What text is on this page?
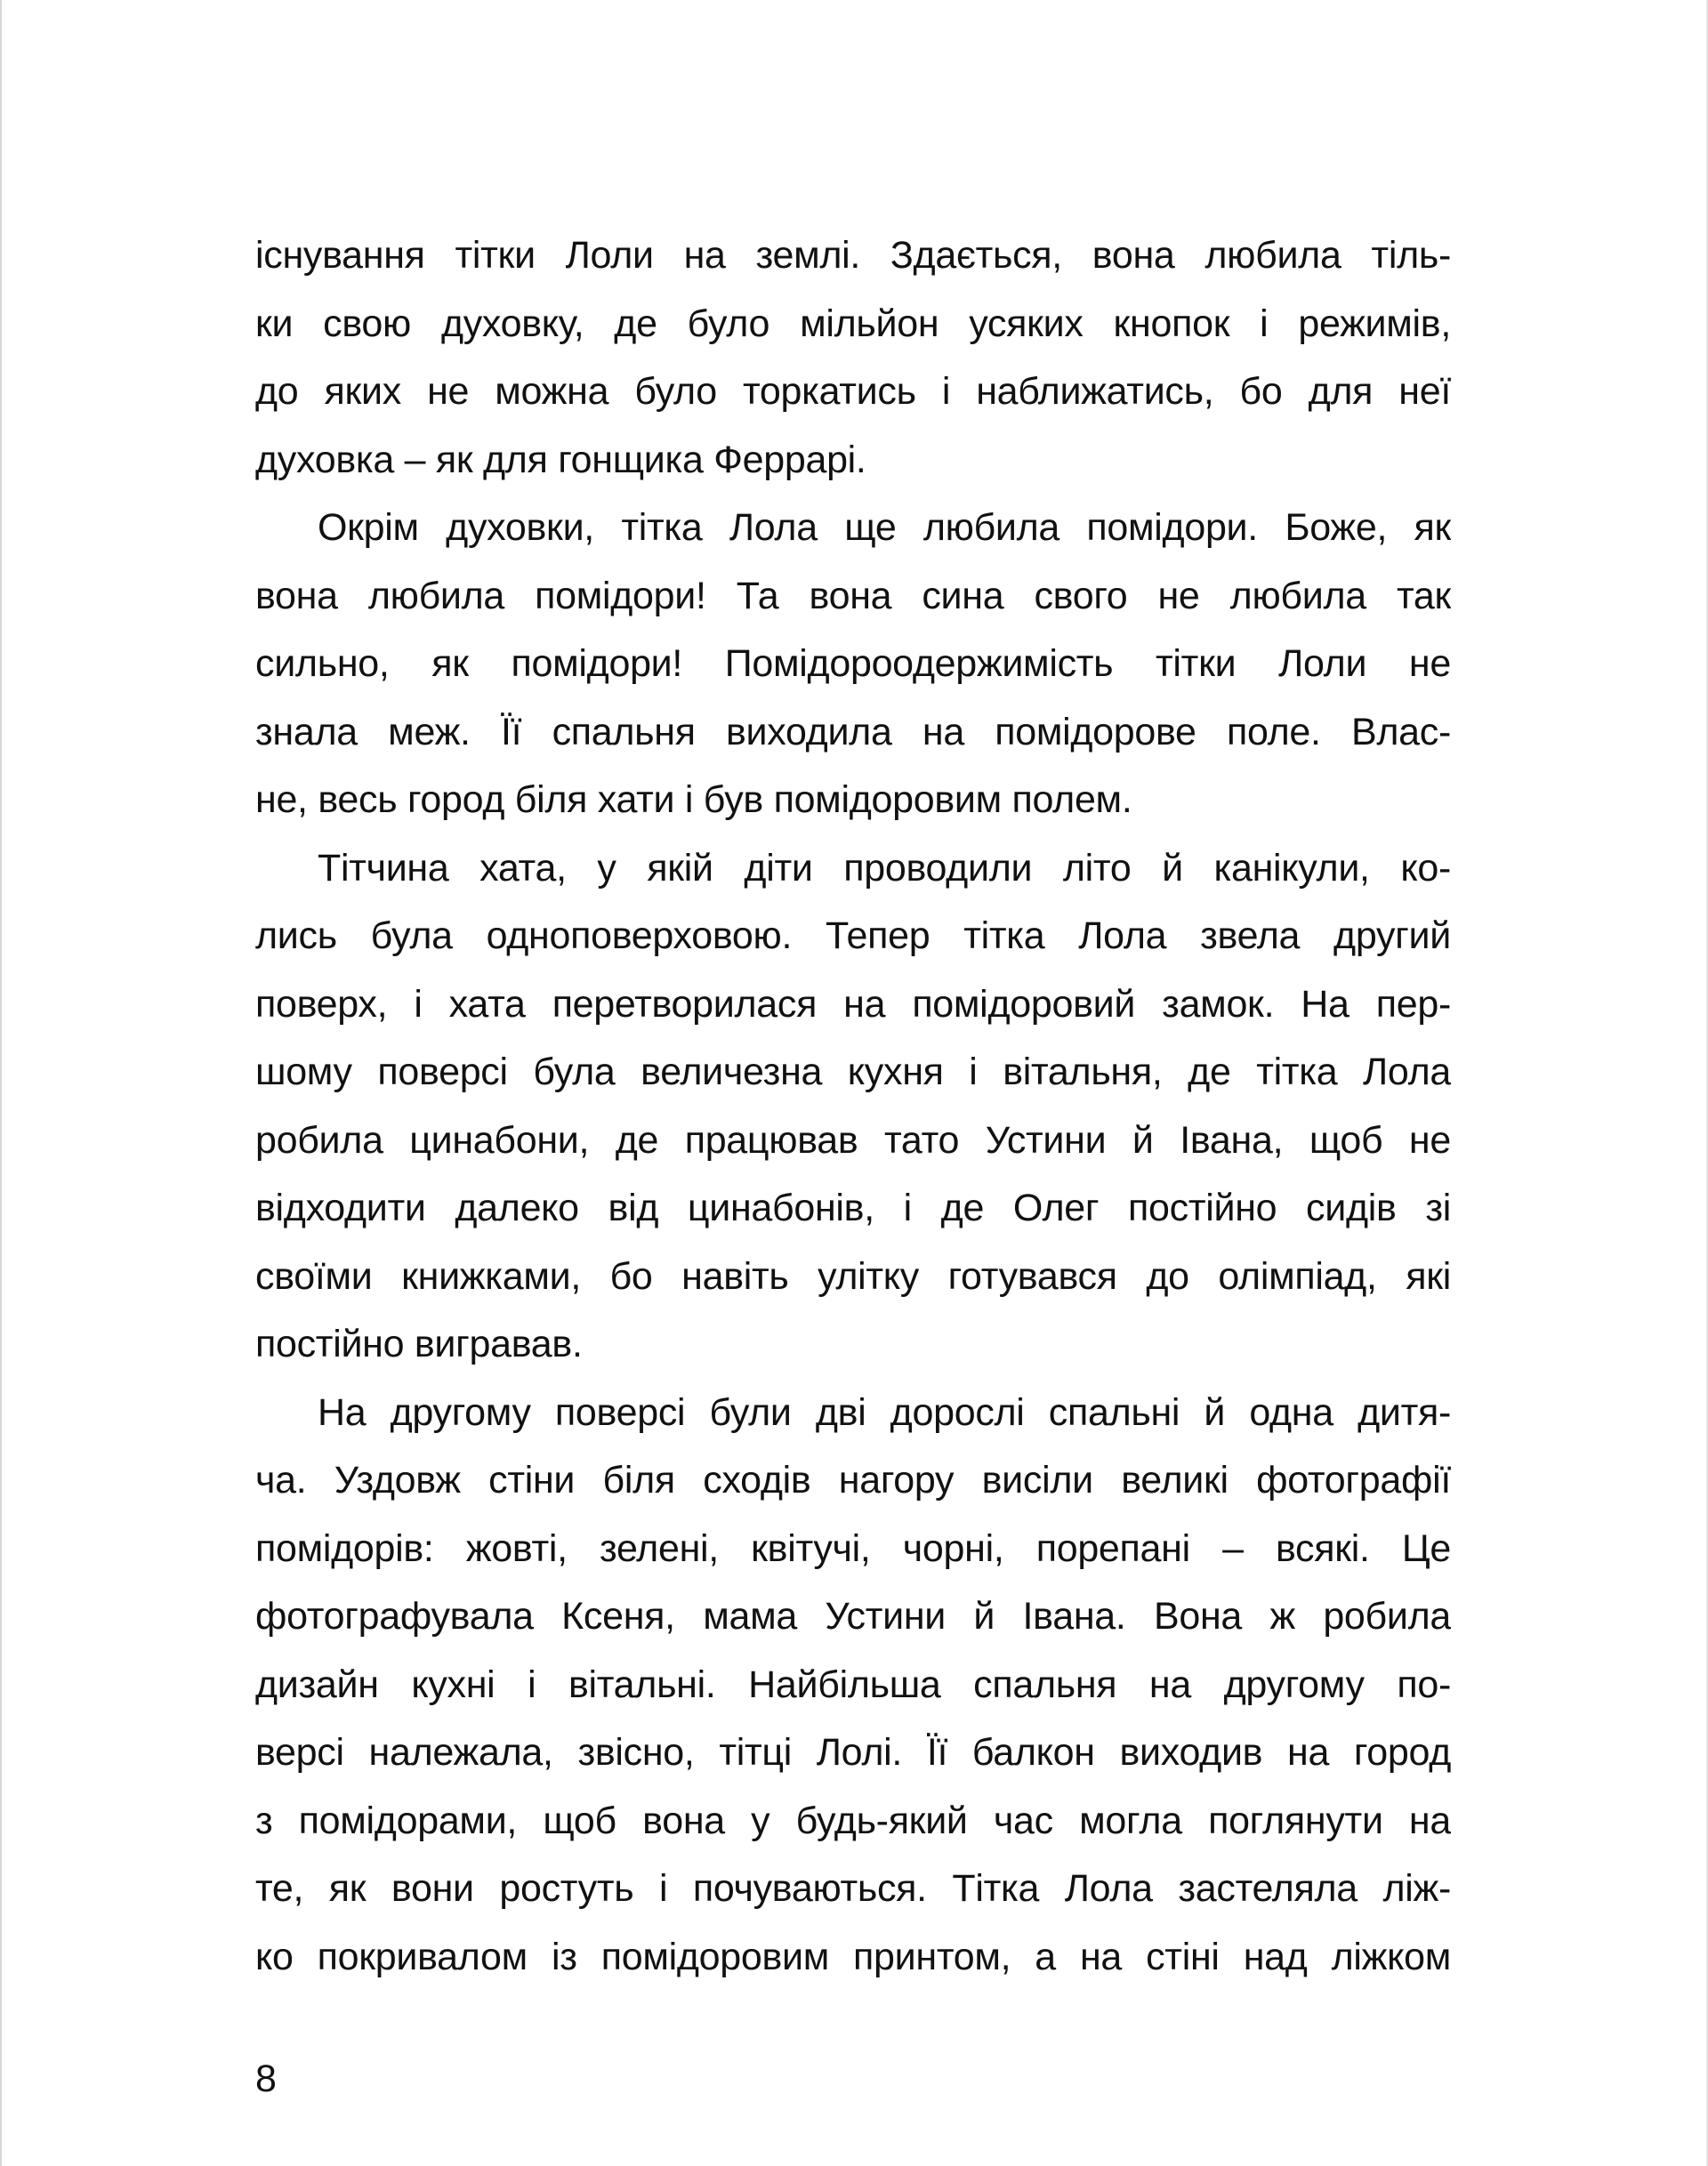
існування тітки Лоли на землі. Здається, вона любила тіль-
ки свою духовку, де було мільйон усяких кнопок і режимів,
до яких не можна було торкатись і наближатись, бо для неї
духовка – як для гонщика Феррарі.
Окрім духовки, тітка Лола ще любила помідори. Боже, як
вона любила помідори! Та вона сина свого не любила так
сильно, як помідори! Помідороодержимість тітки Лоли не
знала меж. Її спальня виходила на помідорове поле. Влас-
не, весь город біля хати і був помідоровим полем.
Тітчина хата, у якій діти проводили літо й канікули, ко-
лись була одноповерховою. Тепер тітка Лола звела другий
поверх, і хата перетворилася на помідоровий замок. На пер-
шому поверсі була величезна кухня і вітальня, де тітка Лола
робила цинабони, де працював тато Устини й Івана, щоб не
відходити далеко від цинабонів, і де Олег постійно сидів зі
своїми книжками, бо навіть улітку готувався до олімпіад, які
постійно вигравав.
На другому поверсі були дві дорослі спальні й одна дитя-
ча. Уздовж стіни біля сходів нагору висіли великі фотографії
помідорів: жовті, зелені, квітучі, чорні, порепані – всякі. Це
фотографувала Ксеня, мама Устини й Івана. Вона ж робила
дизайн кухні і вітальні. Найбільша спальня на другому по-
версі належала, звісно, тітці Лолі. Її балкон виходив на город
з помідорами, щоб вона у будь-який час могла поглянути на
те, як вони ростуть і почуваються. Тітка Лола застеляла ліж-
ко покривалом із помідоровим принтом, а на стіні над ліжком
8
